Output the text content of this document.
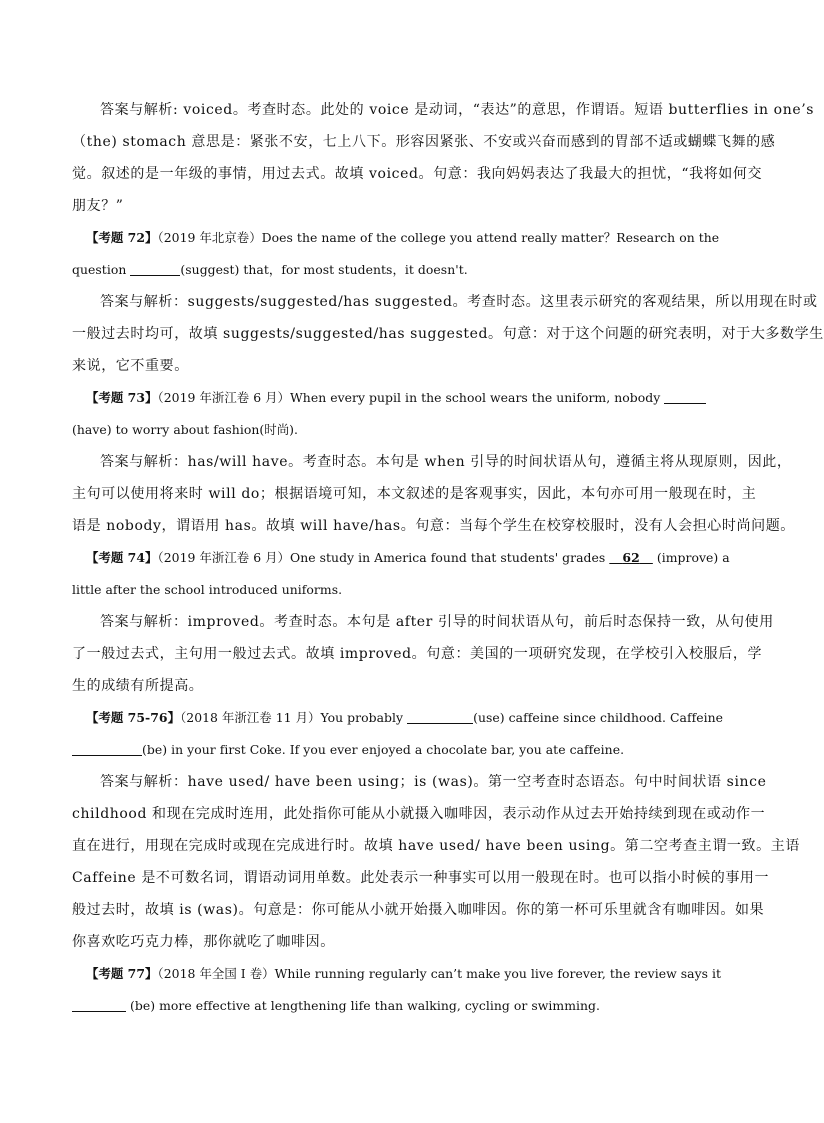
答案与解析: voiced。考查时态。此处的 voice 是动词，“表达”的意思，作谓语。短语 butterflies in one’s
（the) stomach 意思是：紧张不安，七上八下。形容因紧张、不安或兴奋而感到的胃部不适或蝴蝶飞舞的感
觉。叙述的是一年级的事情，用过去式。故填 voiced。句意：我向妈妈表达了我最大的担忧，“我将如何交
朋友？”
【考题 72】（2019 年北京卷）Does the name of the college you attend really matter？Research on the
question	(suggest) that，for most students，it doesn't.
答案与解析：suggests/suggested/has suggested。考查时态。这里表示研究的客观结果，所以用现在时或
一般过去时均可，故填 suggests/suggested/has suggested。句意：对于这个问题的研究表明，对于大多数学生
来说，它不重要。
【考题 73】（2019 年浙江卷 6 月）When every pupil in the school wears the uniform, nobody
(have) to worry about fashion(时尚).
答案与解析：has/will have。考查时态。本句是 when 引导的时间状语从句，遵循主将从现原则，因此，
主句可以使用将来时 will do；根据语境可知，本文叙述的是客观事实，因此，本句亦可用一般现在时，主
语是 nobody，谓语用 has。故填 will have/has。句意：当每个学生在校穿校服时，没有人会担心时尚问题。
【考题 74】（2019 年浙江卷 6 月）One study in America found that students' grades    62    (improve) a
little after the school introduced uniforms.
答案与解析：improved。考查时态。本句是 after 引导的时间状语从句，前后时态保持一致，从句使用
了一般过去式，主句用一般过去式。故填 improved。句意：美国的一项研究发现，在学校引入校服后，学
生的成绩有所提高。
【考题 75-76】（2018 年浙江卷 11 月）You probably	(use) caffeine since childhood. Caffeine
(be) in your first Coke. If you ever enjoyed a chocolate bar, you ate caffeine.
答案与解析：have used/ have been using；is (was)。第一空考查时态语态。句中时间状语 since
childhood 和现在完成时连用，此处指你可能从小就摄入咖啡因，表示动作从过去开始持续到现在或动作一
直在进行，用现在完成时或现在完成进行时。故填 have used/ have been using。第二空考查主谓一致。主语
Caffeine 是不可数名词，谓语动词用单数。此处表示一种事实可以用一般现在时。也可以指小时候的事用一
般过去时，故填 is (was)。句意是：你可能从小就开始摄入咖啡因。你的第一杯可乐里就含有咖啡因。如果
你喜欢吃巧克力棒，那你就吃了咖啡因。
【考题 77】（2018 年全国 I 卷）While running regularly can’t make you live forever, the review says it
(be) more effective at lengthening life than walking, cycling or swimming.
